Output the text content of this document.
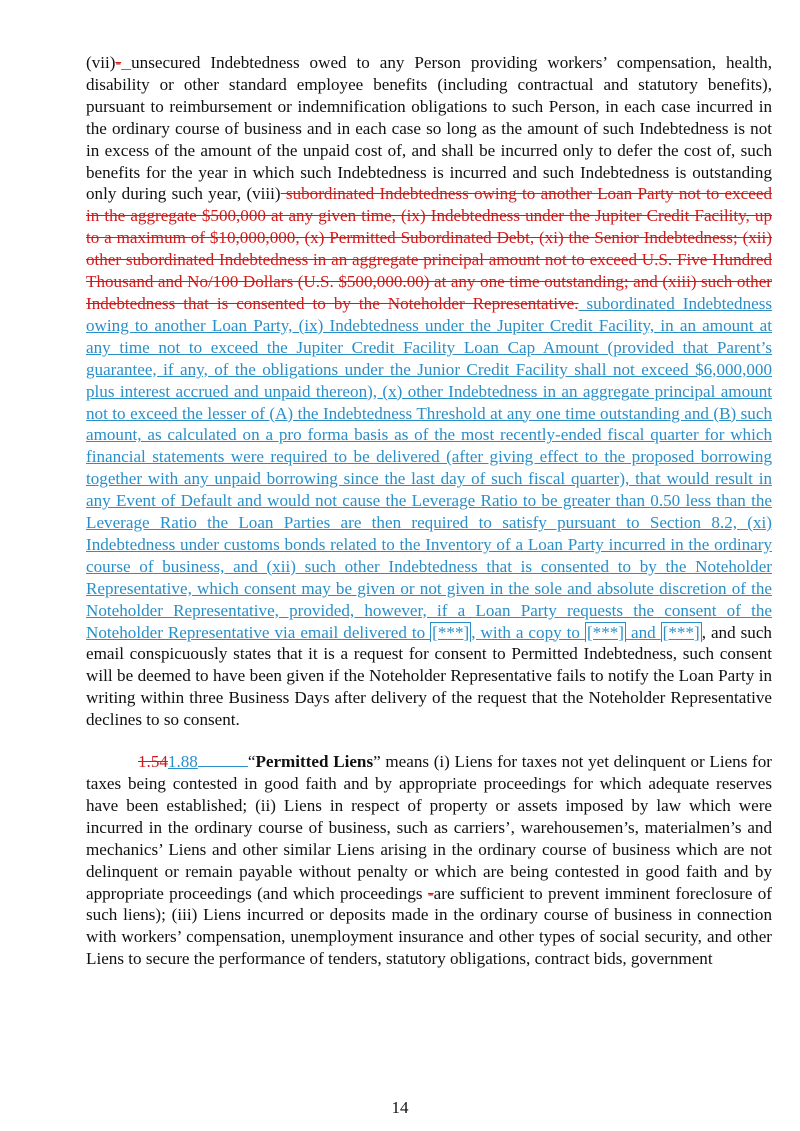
(vii)- unsecured Indebtedness owed to any Person providing workers’ compensation, health, disability or other standard employee benefits (including contractual and statutory benefits), pursuant to reimbursement or indemnification obligations to such Person, in each case incurred in the ordinary course of business and in each case so long as the amount of such Indebtedness is not in excess of the amount of the unpaid cost of, and shall be incurred only to defer the cost of, such benefits for the year in which such Indebtedness is incurred and such Indebtedness is outstanding only during such year, (viii) subordinated Indebtedness owing to another Loan Party not to exceed in the aggregate $500,000 at any given time, (ix) Indebtedness under the Jupiter Credit Facility, up to a maximum of $10,000,000, (x) Permitted Subordinated Debt, (xi) the Senior Indebtedness; (xii) other subordinated Indebtedness in an aggregate principal amount not to exceed U.S. Five Hundred Thousand and No/100 Dollars (U.S. $500,000.00) at any one time outstanding; and (xiii) such other Indebtedness that is consented to by the Noteholder Representative. subordinated Indebtedness owing to another Loan Party, (ix) Indebtedness under the Jupiter Credit Facility, in an amount at any time not to exceed the Jupiter Credit Facility Loan Cap Amount (provided that Parent’s guarantee, if any, of the obligations under the Junior Credit Facility shall not exceed $6,000,000 plus interest accrued and unpaid thereon), (x) other Indebtedness in an aggregate principal amount not to exceed the lesser of (A) the Indebtedness Threshold at any one time outstanding and (B) such amount, as calculated on a pro forma basis as of the most recently-ended fiscal quarter for which financial statements were required to be delivered (after giving effect to the proposed borrowing together with any unpaid borrowing since the last day of such fiscal quarter), that would result in any Event of Default and would not cause the Leverage Ratio to be greater than 0.50 less than the Leverage Ratio the Loan Parties are then required to satisfy pursuant to Section 8.2, (xi) Indebtedness under customs bonds related to the Inventory of a Loan Party incurred in the ordinary course of business, and (xii) such other Indebtedness that is consented to by the Noteholder Representative, which consent may be given or not given in the sole and absolute discretion of the Noteholder Representative, provided, however, if a Loan Party requests the consent of the Noteholder Representative via email delivered to [***] , with a copy to [***] and [***] , and such email conspicuously states that it is a request for consent to Permitted Indebtedness, such consent will be deemed to have been given if the Noteholder Representative fails to notify the Loan Party in writing within three Business Days after delivery of the request that the Noteholder Representative declines to so consent.

1.541.88	“Permitted Liens” means (i) Liens for taxes not yet delinquent or Liens for taxes being contested in good faith and by appropriate proceedings for which adequate reserves have been established; (ii) Liens in respect of property or assets imposed by law which were incurred in the ordinary course of business, such as carriers’, warehousemen’s, materialmen’s and mechanics’ Liens and other similar Liens arising in the ordinary course of business which are not delinquent or remain payable without penalty or which are being contested in good faith and by appropriate proceedings (and which proceedings -are sufficient to prevent imminent foreclosure of such liens); (iii) Liens incurred or deposits made in the ordinary course of business in connection with workers’ compensation, unemployment insurance and other types of social security, and other Liens to secure the performance of tenders, statutory obligations, contract bids, government

14
